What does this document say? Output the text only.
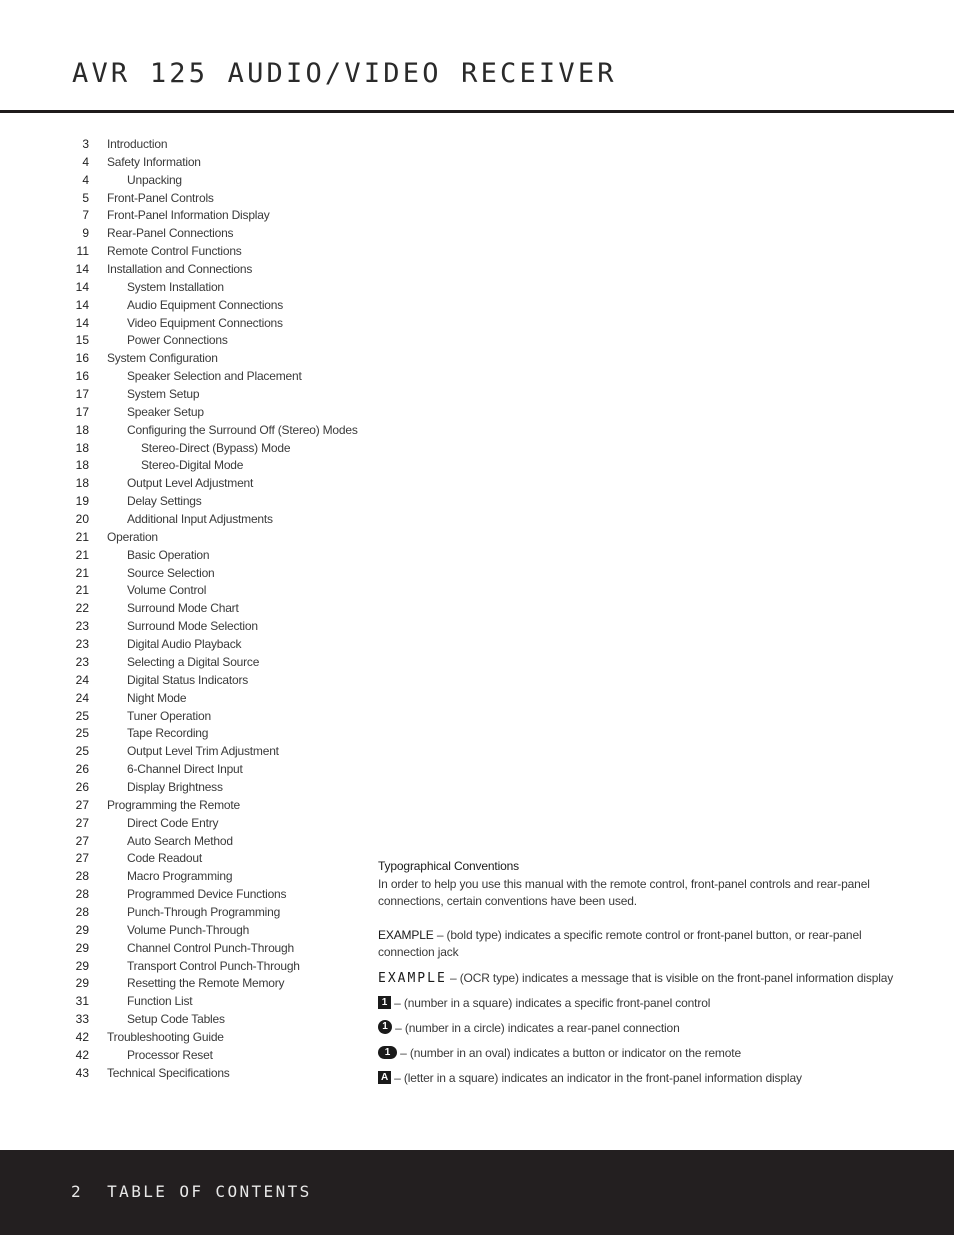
AVR 125 AUDIO/VIDEO RECEIVER
3 Introduction
4 Safety Information
4	Unpacking
5 Front-Panel Controls
7 Front-Panel Information Display
9 Rear-Panel Connections
11 Remote Control Functions
14 Installation and Connections
14	System Installation
14	Audio Equipment Connections
14	Video Equipment Connections
15	Power Connections
16 System Configuration
16	Speaker Selection and Placement
17	System Setup
17	Speaker Setup
18	Configuring the Surround Off (Stereo) Modes
18	Stereo-Direct (Bypass) Mode
18	Stereo-Digital Mode
18	Output Level Adjustment
19	Delay Settings
20	Additional Input Adjustments
21 Operation
21	Basic Operation
21	Source Selection
21	Volume Control
22	Surround Mode Chart
23	Surround Mode Selection
23	Digital Audio Playback
23	Selecting a Digital Source
24	Digital Status Indicators
24	Night Mode
25	Tuner Operation
25	Tape Recording
25	Output Level Trim Adjustment
26	6-Channel Direct Input
26	Display Brightness
27 Programming the Remote
27	Direct Code Entry
27	Auto Search Method
27	Code Readout
28	Macro Programming
28	Programmed Device Functions
28	Punch-Through Programming
29	Volume Punch-Through
29	Channel Control Punch-Through
29	Transport Control Punch-Through
29	Resetting the Remote Memory
31	Function List
33	Setup Code Tables
42 Troubleshooting Guide
42	Processor Reset
43 Technical Specifications
Typographical Conventions

In order to help you use this manual with the remote control, front-panel controls and rear-panel connections, certain conventions have been used.

EXAMPLE – (bold type) indicates a specific remote control or front-panel button, or rear-panel connection jack

EXAMPLE – (OCR type) indicates a message that is visible on the front-panel information display
1 – (number in a square) indicates a specific front-panel control
1 – (number in a circle) indicates a rear-panel connection
1 – (number in an oval) indicates a button or indicator on the remote
A – (letter in a square) indicates an indicator in the front-panel information display
2 TABLE OF CONTENTS
